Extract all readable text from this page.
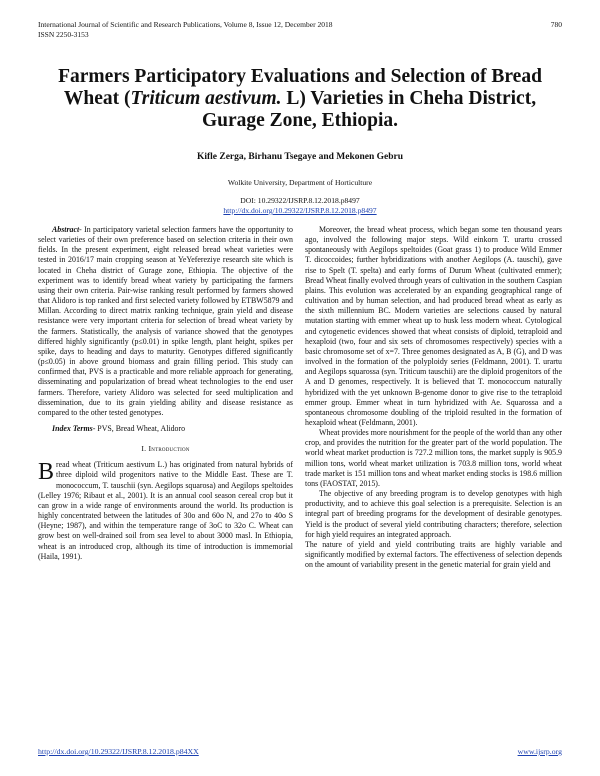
International Journal of Scientific and Research Publications, Volume 8, Issue 12, December 2018
ISSN 2250-3153
780
Farmers Participatory Evaluations and Selection of Bread Wheat (Triticum aestivum. L) Varieties in Cheha District, Gurage Zone, Ethiopia.
Kifle Zerga, Birhanu Tsegaye and Mekonen Gebru
Wolkite University, Department of Horticulture
DOI: 10.29322/IJSRP.8.12.2018.p8497
http://dx.doi.org/10.29322/IJSRP.8.12.2018.p8497

Abstract- In participatory varietal selection farmers have the opportunity to select varieties of their own preference based on selection criteria in their own fields. In the present experiment, eight released bread wheat varieties were tested in 2016/17 main cropping season at YeYefereziye research site which is located in Cheha district of Gurage zone, Ethiopia. The objective of the experiment was to identify bread wheat variety by participating the farmers using their own criteria. Pair-wise ranking result performed by farmers showed that Alidoro is top ranked and first selected variety followed by ETBW5879 and Millan. According to direct matrix ranking technique, grain yield and disease resistance were very important criteria for selection of bread wheat variety by the farmers. Statistically, the analysis of variance showed that the genotypes differed highly significantly (p≤0.01) in spike length, plant height, spikes per spike, days to heading and days to maturity. Genotypes differed significantly (p≤0.05) in above ground biomass and grain filling period. This study can confirmed that, PVS is a practicable and more reliable approach for generating, disseminating and popularization of bread wheat technologies to the end user farmers. Therefore, variety Alidoro was selected for seed multiplication and dissemination, due to its grain yielding ability and disease resistance as compared to the other tested genotypes.

Index Terms- PVS, Bread Wheat, Alidoro

I. Introduction

Bread wheat (Triticum aestivum L.) has originated from natural hybrids of three diploid wild progenitors native to the Middle East. These are T. monococcum, T. tauschii (syn. Aegilops squarosa) and Aegilops speltoides (Lelley 1976; Ribaut et al., 2001). It is an annual cool season cereal crop but it can grow in a wide range of environments around the world. Its production is highly concentrated between the latitudes of 30o and 60o N, and 27o to 40o S (Heyne; 1987), and within the temperature range of 3oC to 32o C. Wheat can grow best on well-drained soil from sea level to about 3000 masl. In Ethiopia, wheat is an introduced crop, although its time of introduction is immemorial (Haila, 1991).

Moreover, the bread wheat process, which began some ten thousand years ago, involved the following major steps. Wild einkorn T. urartu crossed spontaneously with Aegilops speltoides (Goat grass 1) to produce Wild Emmer T. dicoccoides; further hybridizations with another Aegilops (A. tauschi), gave rise to Spelt (T. spelta) and early forms of Durum Wheat (cultivated emmer); Bread Wheat finally evolved through years of cultivation in the southern Caspian plains. This evolution was accelerated by an expanding geographical range of cultivation and by human selection, and had produced bread wheat as early as the sixth millennium BC. Modern varieties are selections caused by natural mutation starting with emmer wheat up to husk less modern wheat. Cytological and cytogenetic evidences showed that wheat consists of diploid, tetraploid and hexaploid (two, four and six sets of chromosomes respectively) species with a basic chromosome set of x=7. Three genomes designated as A, B (G), and D was involved in the formation of the polyploidy series (Feldmann, 2001). T. urartu and Aegilops squarossa (syn. Triticum tauschii) are the diploid progenitors of the A and D genomes, respectively. It is believed that T. monococcum naturally hybridized with the yet unknown B-genome donor to give rise to the tetraploid emmer group. Emmer wheat in turn hybridized with Ae. Squarossa and a spontaneous chromosome doubling of the triploid resulted in the formation of hexaploid wheat (Feldmann, 2001).

Wheat provides more nourishment for the people of the world than any other crop, and provides the nutrition for the greater part of the world population. The world wheat market production is 727.2 million tons, the market supply is 905.9 million tons, world wheat market utilization is 703.8 million tons, world wheat trade market is 151 million tons and wheat market ending stocks is 198.6 million tons (FAOSTAT, 2015).

The objective of any breeding program is to develop genotypes with high productivity, and to achieve this goal selection is a prerequisite. Selection is an integral part of breeding programs for the development of desirable genotypes. Yield is the product of several yield contributing characters; therefore, selection for high yield requires an integrated approach.

The nature of yield and yield contributing traits are highly variable and significantly modified by external factors. The effectiveness of selection depends on the amount of variability present in the genetic material for grain yield and

http://dx.doi.org/10.29322/IJSRP.8.12.2018.p84XX	www.ijsrp.org
